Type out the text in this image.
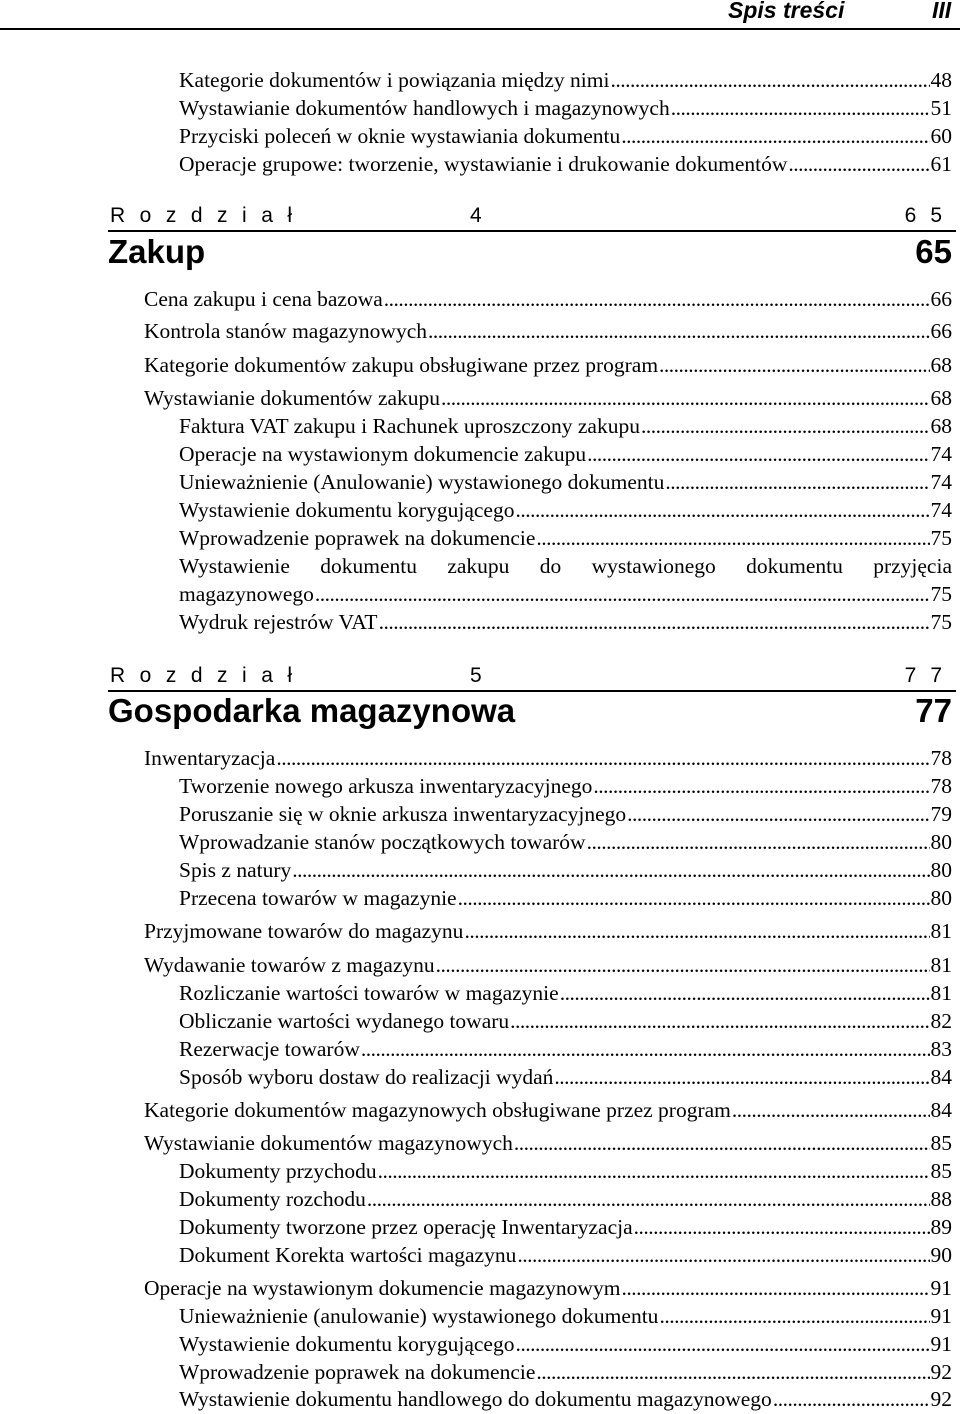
Spis treści	III
Kategorie dokumentów i powiązania między nimi .....	48
Wystawianie dokumentów handlowych i magazynowych .....	51
Przyciski poleceń w oknie wystawiania dokumentu .....	60
Operacje grupowe: tworzenie, wystawianie i drukowanie dokumentów .....	61
Rozdział	4	65
Zakup	65
Cena zakupu i cena bazowa .....	66
Kontrola stanów magazynowych .....	66
Kategorie dokumentów zakupu obsługiwane przez program .....	68
Wystawianie dokumentów zakupu .....	68
Faktura VAT zakupu i Rachunek uproszczony zakupu .....	68
Operacje na wystawionym dokumencie zakupu .....	74
Unieważnienie (Anulowanie) wystawionego dokumentu .....	74
Wystawienie dokumentu korygującego .....	74
Wprowadzenie poprawek na dokumencie .....	75
Wystawienie dokumentu zakupu do wystawionego dokumentu przyjęcia
magazynowego .....	75
Wydruk rejestrów VAT .....	75
Rozdział	5	77
Gospodarka magazynowa	77
Inwentaryzacja .....	78
Tworzenie nowego arkusza inwentaryzacyjnego .....	78
Poruszanie się w oknie arkusza inwentaryzacyjnego .....	79
Wprowadzanie stanów początkowych towarów .....	80
Spis z natury .....	80
Przecena towarów w magazynie .....	80
Przyjmowane towarów do magazynu .....	81
Wydawanie towarów z magazynu .....	81
Rozliczanie wartości towarów w magazynie .....	81
Obliczanie wartości wydanego towaru .....	82
Rezerwacje towarów .....	83
Sposób wyboru dostaw do realizacji wydań .....	84
Kategorie dokumentów magazynowych obsługiwane przez program .....	84
Wystawianie dokumentów magazynowych .....	85
Dokumenty przychodu .....	85
Dokumenty rozchodu .....	88
Dokumenty tworzone przez operację Inwentaryzacja .....	89
Dokument Korekta wartości magazynu .....	90
Operacje na wystawionym dokumencie magazynowym .....	91
Unieważnienie (anulowanie) wystawionego dokumentu .....	91
Wystawienie dokumentu korygującego .....	91
Wprowadzenie poprawek na dokumencie .....	92
Wystawienie dokumentu handlowego do dokumentu magazynowego .....	92
